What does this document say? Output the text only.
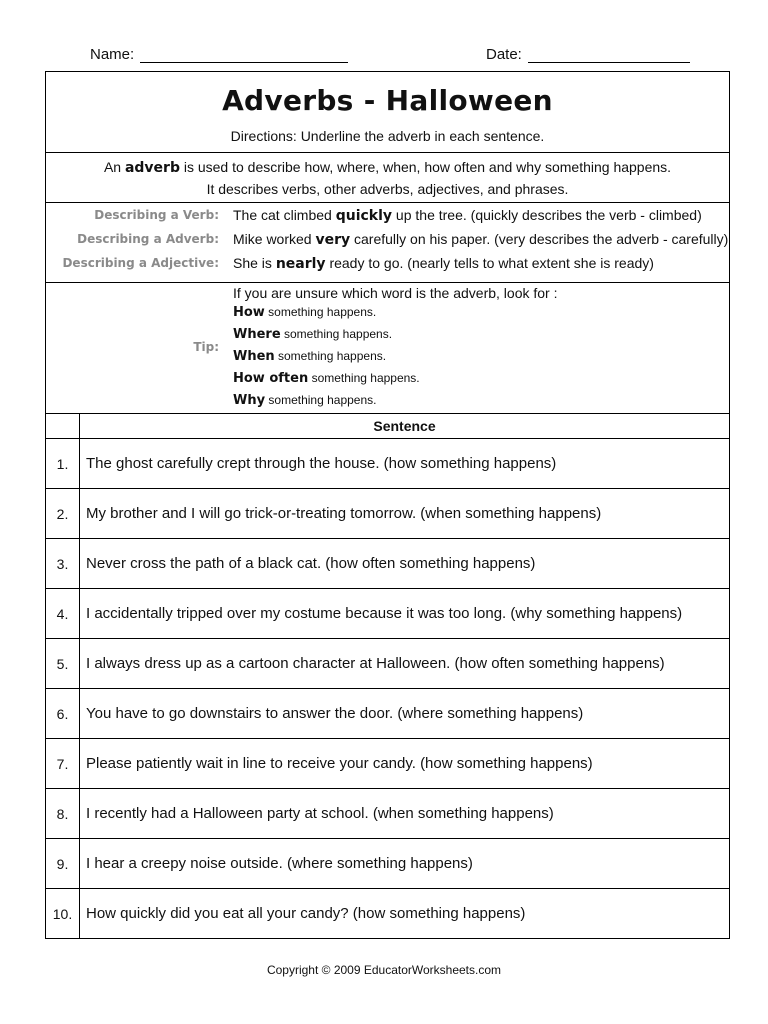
Name:	Date:
Adverbs - Halloween
Directions: Underline the adverb in each sentence.
An adverb is used to describe how, where, when, how often and why something happens.
It describes verbs, other adverbs, adjectives, and phrases.
Describing a Verb: The cat climbed quickly up the tree. (quickly describes the verb - climbed)
Describing a Adverb: Mike worked very carefully on his paper. (very describes the adverb - carefully)
Describing a Adjective: She is nearly ready to go. (nearly tells to what extent she is ready)
Tip:
If you are unsure which word is the adverb, look for :
How something happens.
Where something happens.
When something happens.
How often something happens.
Why something happens.
	Sentence
1.	The ghost carefully crept through the house. (how something happens)
2.	My brother and I will go trick-or-treating tomorrow. (when something happens)
3.	Never cross the path of a black cat. (how often something happens)
4.	I accidentally tripped over my costume because it was too long. (why something happens)
5.	I always dress up as a cartoon character at Halloween. (how often something happens)
6.	You have to go downstairs to answer the door. (where something happens)
7.	Please patiently wait in line to receive your candy. (how something happens)
8.	I recently had a Halloween party at school. (when something happens)
9.	I hear a creepy noise outside. (where something happens)
10.	How quickly did you eat all your candy? (how something happens)
Copyright © 2009 EducatorWorksheets.com
